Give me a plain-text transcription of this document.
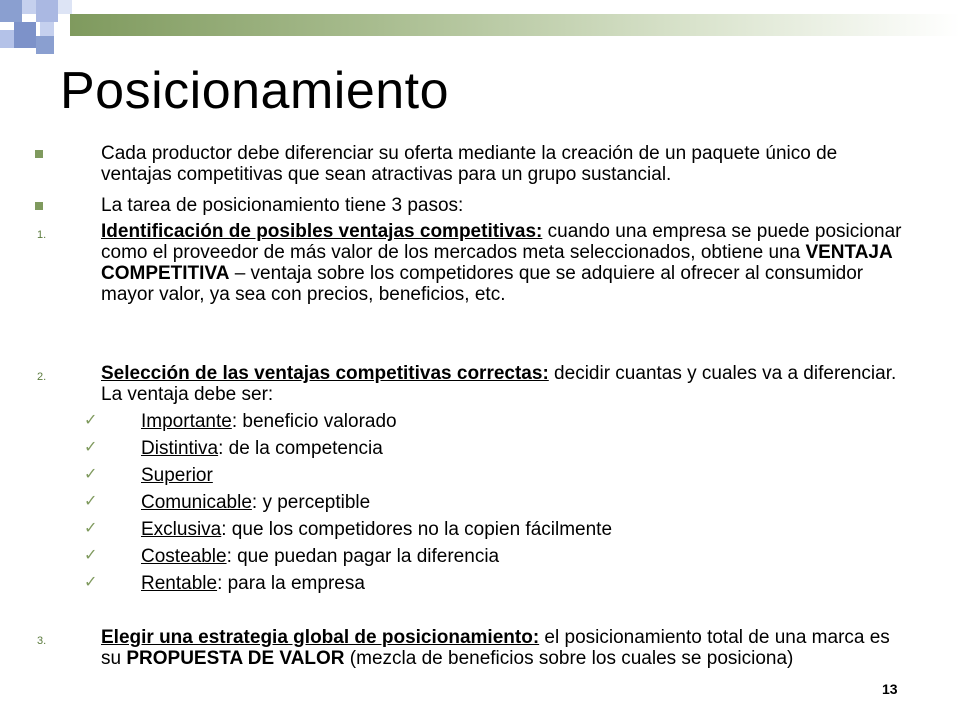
Posicionamiento
Cada productor debe diferenciar su oferta mediante la creación de un paquete único de ventajas competitivas que sean atractivas para un grupo sustancial.
La tarea de posicionamiento tiene 3 pasos:
1.	Identificación de posibles ventajas competitivas: cuando una empresa se puede posicionar como el proveedor de más valor de los mercados meta seleccionados, obtiene una VENTAJA COMPETITIVA – ventaja sobre los competidores que se adquiere al ofrecer al consumidor mayor valor, ya sea con precios, beneficios, etc.
2.	Selección de las ventajas competitivas correctas: decidir cuantas y cuales va a diferenciar. La ventaja debe ser:
✓ Importante: beneficio valorado
✓ Distintiva: de la competencia
✓ Superior
✓ Comunicable: y perceptible
✓ Exclusiva: que los competidores no la copien fácilmente
✓ Costeable: que puedan pagar la diferencia
✓ Rentable: para la empresa
3.	Elegir una estrategia global de posicionamiento: el posicionamiento total de una marca es su PROPUESTA DE VALOR (mezcla de beneficios sobre los cuales se posiciona)
13
